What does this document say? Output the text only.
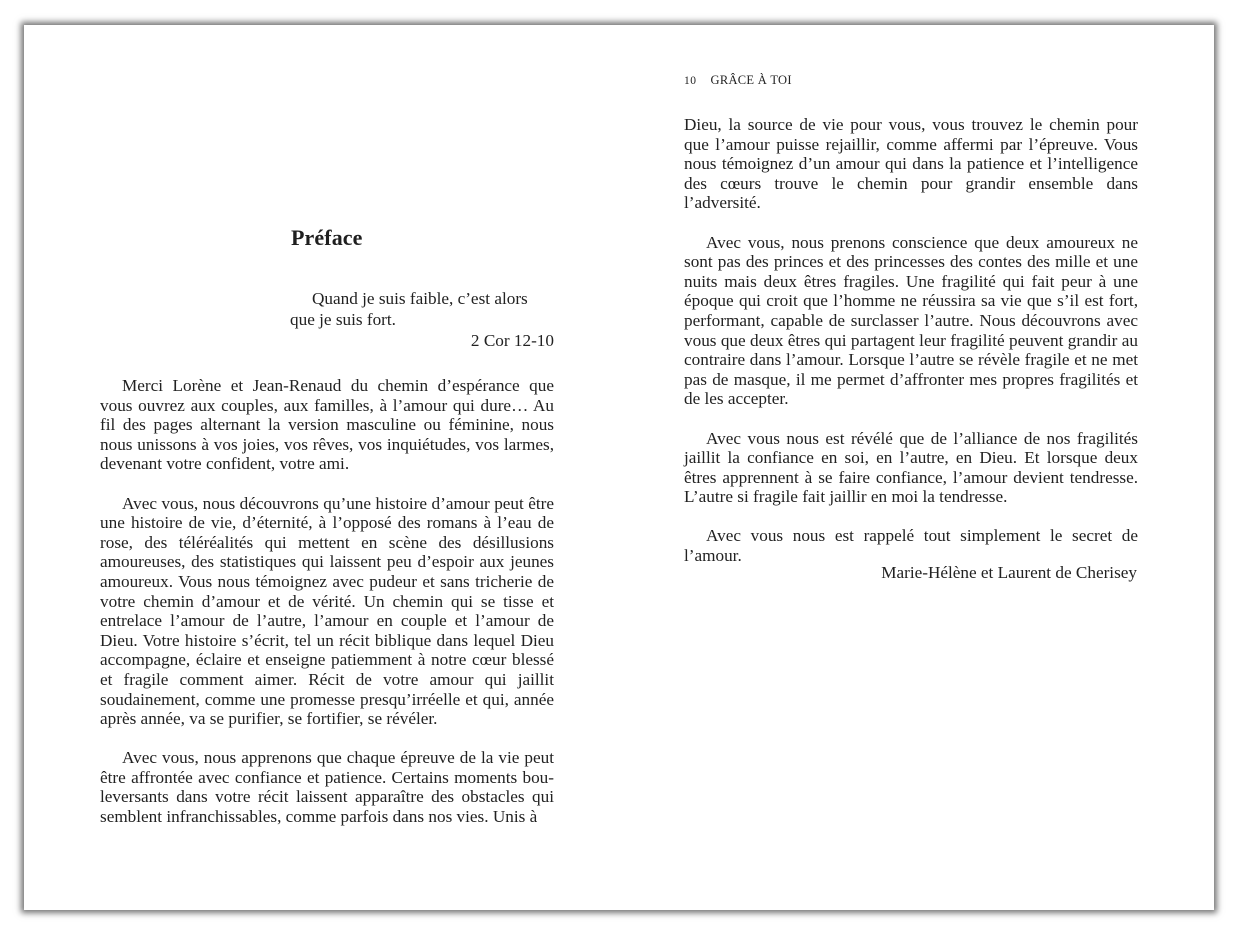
Préface
Quand je suis faible, c’est alors que je suis fort.
2 Cor 12-10

Merci Lorène et Jean-Renaud du chemin d’espérance que vous ouvrez aux couples, aux familles, à l’amour qui dure… Au fil des pages alternant la version masculine ou féminine, nous nous unissons à vos joies, vos rêves, vos inquiétudes, vos larmes, devenant votre confident, votre ami.

Avec vous, nous découvrons qu’une histoire d’amour peut être une histoire de vie, d’éternité, à l’opposé des romans à l’eau de rose, des téléréalités qui mettent en scène des désillusions amoureuses, des statistiques qui laissent peu d’espoir aux jeunes amoureux. Vous nous témoignez avec pudeur et sans tricherie de votre chemin d’amour et de vérité. Un chemin qui se tisse et entrelace l’amour de l’autre, l’amour en couple et l’amour de Dieu. Votre histoire s’écrit, tel un récit biblique dans lequel Dieu accompagne, éclaire et enseigne patiemment à notre cœur blessé et fragile comment aimer. Récit de votre amour qui jaillit soudainement, comme une promesse presqu’irréelle et qui, année après année, va se purifier, se fortifier, se révéler.

Avec vous, nous apprenons que chaque épreuve de la vie peut être affrontée avec confiance et patience. Certains moments bouleversants dans votre récit laissent apparaître des obstacles qui semblent infranchissables, comme parfois dans nos vies. Unis à

10 GRÂCE À TOI

Dieu, la source de vie pour vous, vous trouvez le chemin pour que l’amour puisse rejaillir, comme affermi par l’épreuve. Vous nous témoignez d’un amour qui dans la patience et l’intelligence des cœurs trouve le chemin pour grandir ensemble dans l’adversité.

Avec vous, nous prenons conscience que deux amoureux ne sont pas des princes et des princesses des contes des mille et une nuits mais deux êtres fragiles. Une fragilité qui fait peur à une époque qui croit que l’homme ne réussira sa vie que s’il est fort, performant, capable de surclasser l’autre. Nous découvrons avec vous que deux êtres qui partagent leur fragilité peuvent grandir au contraire dans l’amour. Lorsque l’autre se révèle fragile et ne met pas de masque, il me permet d’affronter mes propres fragilités et de les accepter.

Avec vous nous est révélé que de l’alliance de nos fragilités jaillit la confiance en soi, en l’autre, en Dieu. Et lorsque deux êtres apprennent à se faire confiance, l’amour devient tendresse. L’autre si fragile fait jaillir en moi la tendresse.

Avec vous nous est rappelé tout simplement le secret de l’amour.

Marie-Hélène et Laurent de Cherisey
